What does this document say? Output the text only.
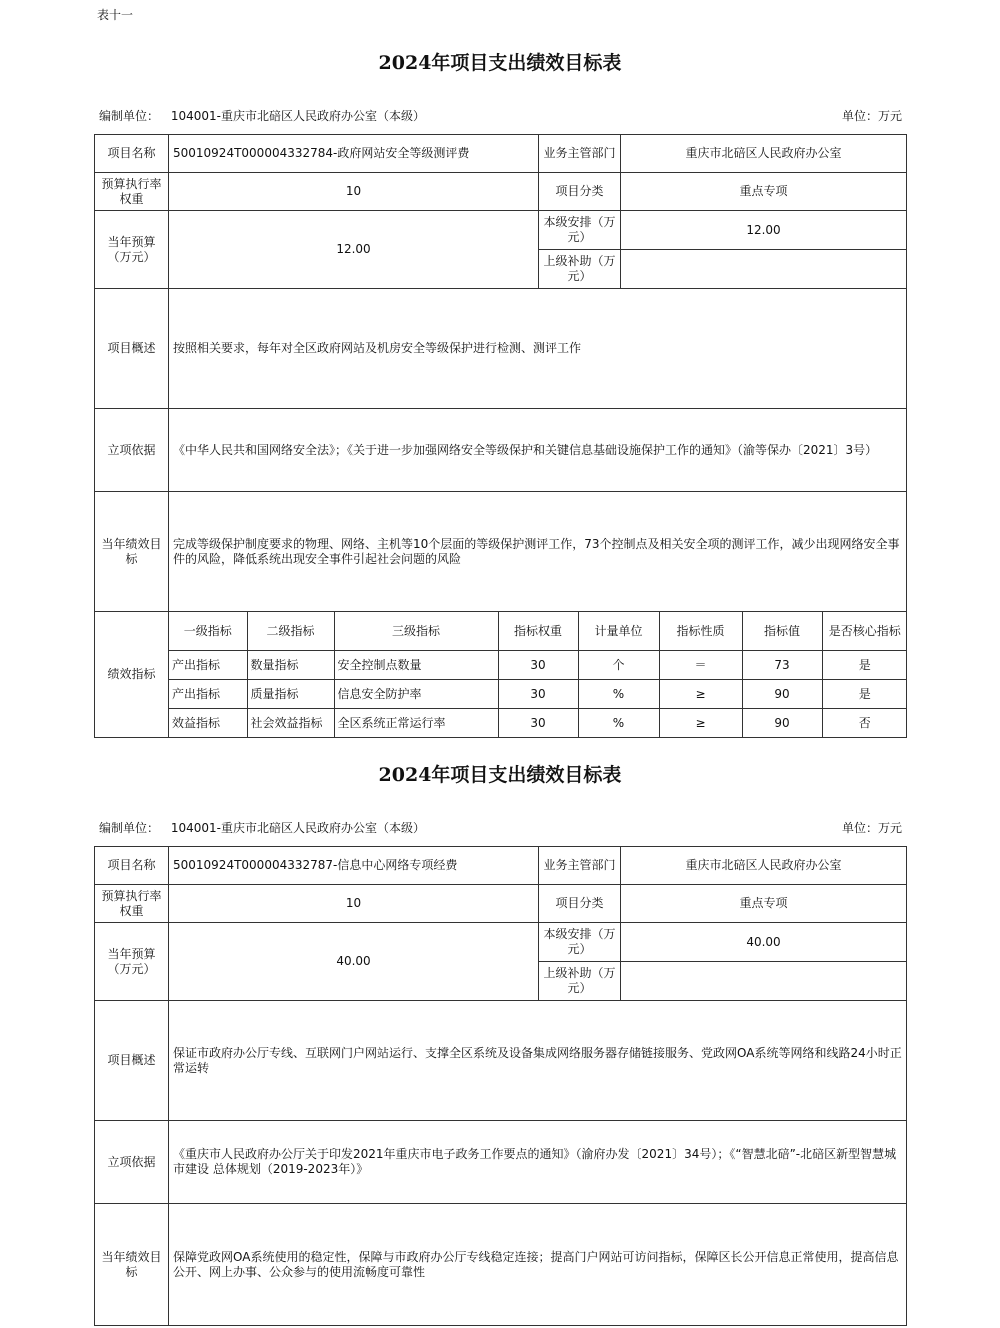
表十一
2024年项目支出绩效目标表
编制单位： 104001-重庆市北碚区人民政府办公室（本级）	单位：万元
项目名称	50010924T000004332784-政府网站安全等级测评费	业务主管部门	重庆市北碚区人民政府办公室
预算执行率权重	10	项目分类	重点专项
当年预算（万元）	12.00	本级安排（万元）	12.00
上级补助（万元）	
项目概述	按照相关要求，每年对全区政府网站及机房安全等级保护进行检测、测评工作
立项依据	《中华人民共和国网络安全法》；《关于进一步加强网络安全等级保护和关键信息基础设施保护工作的通知》（渝等保办〔2021〕3号）
当年绩效目标	完成等级保护制度要求的物理、网络、主机等10个层面的等级保护测评工作，73个控制点及相关安全项的测评工作，减少出现网络安全事件的风险，降低系统出现安全事件引起社会问题的风险
绩效指标	
一级指标	二级指标	三级指标	指标权重	计量单位	指标性质	指标值	是否核心指标
产出指标	数量指标	安全控制点数量	30	个	＝	73	是
产出指标	质量指标	信息安全防护率	30	%	≥	90	是
效益指标	社会效益指标	全区系统正常运行率	30	%	≥	90	否
2024年项目支出绩效目标表
编制单位： 104001-重庆市北碚区人民政府办公室（本级）	单位：万元
项目名称	50010924T000004332787-信息中心网络专项经费	业务主管部门	重庆市北碚区人民政府办公室
预算执行率权重	10	项目分类	重点专项
当年预算（万元）	40.00	本级安排（万元）	40.00
		上级补助（万元）	
项目概述	保证市政府办公厅专线、互联网门户网站运行、支撑全区系统及设备集成网络服务器存储链接服务、党政网OA系统等网络和线路24小时正常运转		
立项依据	《重庆市人民政府办公厅关于印发2021年重庆市电子政务工作要点的通知》（渝府办发〔2021〕34号）；《“智慧北碚”-北碚区新型智慧城市建设 总体规划（2019-2023年）》		
当年绩效目标	保障党政网OA系统使用的稳定性，保障与市政府办公厅专线稳定连接；提高门户网站可访问指标，保障区长公开信息正常使用，提高信息公开、网上办事、公众参与的使用流畅度可靠性		
